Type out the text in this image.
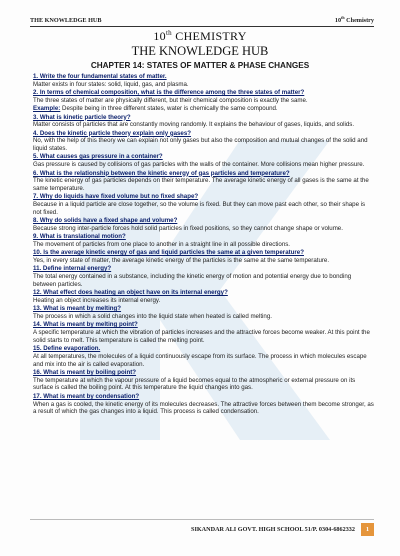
THE KNOWLEDGE HUB	10th Chemistry
10th CHEMISTRY
THE KNOWLEDGE HUB
CHAPTER 14: STATES OF MATTER & PHASE CHANGES

1. Write the four fundamental states of matter.

Matter exists in four states: solid, liquid, gas, and plasma.

2. In terms of chemical composition, what is the difference among the three states of matter?

The three states of matter are physically different, but their chemical composition is exactly the same.

Example: Despite being in three different states, water is chemically the same compound.

3. What is kinetic particle theory?

Matter consists of particles that are constantly moving randomly. It explains the behaviour of gases, liquids, and solids.

4. Does the kinetic particle theory explain only gases?

No, with the help of this theory we can explain not only gases but also the composition and mutual changes of the solid and liquid states.

5. What causes gas pressure in a container?

Gas pressure is caused by collisions of gas particles with the walls of the container. More collisions mean higher pressure.

6. What is the relationship between the kinetic energy of gas particles and temperature?

The kinetic energy of gas particles depends on their temperature. The average kinetic energy of all gases is the same at the same temperature.

7. Why do liquids have fixed volume but no fixed shape?

Because in a liquid particle are close together, so the volume is fixed. But they can move past each other, so their shape is not fixed.

8. Why do solids have a fixed shape and volume?

Because strong inter-particle forces hold solid particles in fixed positions, so they cannot change shape or volume.

9. What is translational motion?

The movement of particles from one place to another in a straight line in all possible directions.

10. Is the average kinetic energy of gas and liquid particles the same at a given temperature?

Yes, in every state of matter, the average kinetic energy of the particles is the same at the same temperature.

11. Define internal energy?

The total energy contained in a substance, including the kinetic energy of motion and potential energy due to bonding between particles.

12. What effect does heating an object have on its internal energy?

Heating an object increases its internal energy.

13. What is meant by melting?

The process in which a solid changes into the liquid state when heated is called melting.

14. What is meant by melting point?

A specific temperature at which the vibration of particles increases and the attractive forces become weaker. At this point the solid starts to melt. This temperature is called the melting point.

15. Define evaporation.

At all temperatures, the molecules of a liquid continuously escape from its surface. The process in which molecules escape and mix into the air is called evaporation.

16. What is meant by boiling point?

The temperature at which the vapour pressure of a liquid becomes equal to the atmospheric or external pressure on its surface is called the boiling point. At this temperature the liquid changes into gas.

17. What is meant by condensation?

When a gas is cooled, the kinetic energy of its molecules decreases. The attractive forces between them become stronger, as a result of which the gas changes into a liquid. This process is called condensation.

SIKANDAR ALI GOVT. HIGH SCHOOL 51/P. 0304-6862332	1
